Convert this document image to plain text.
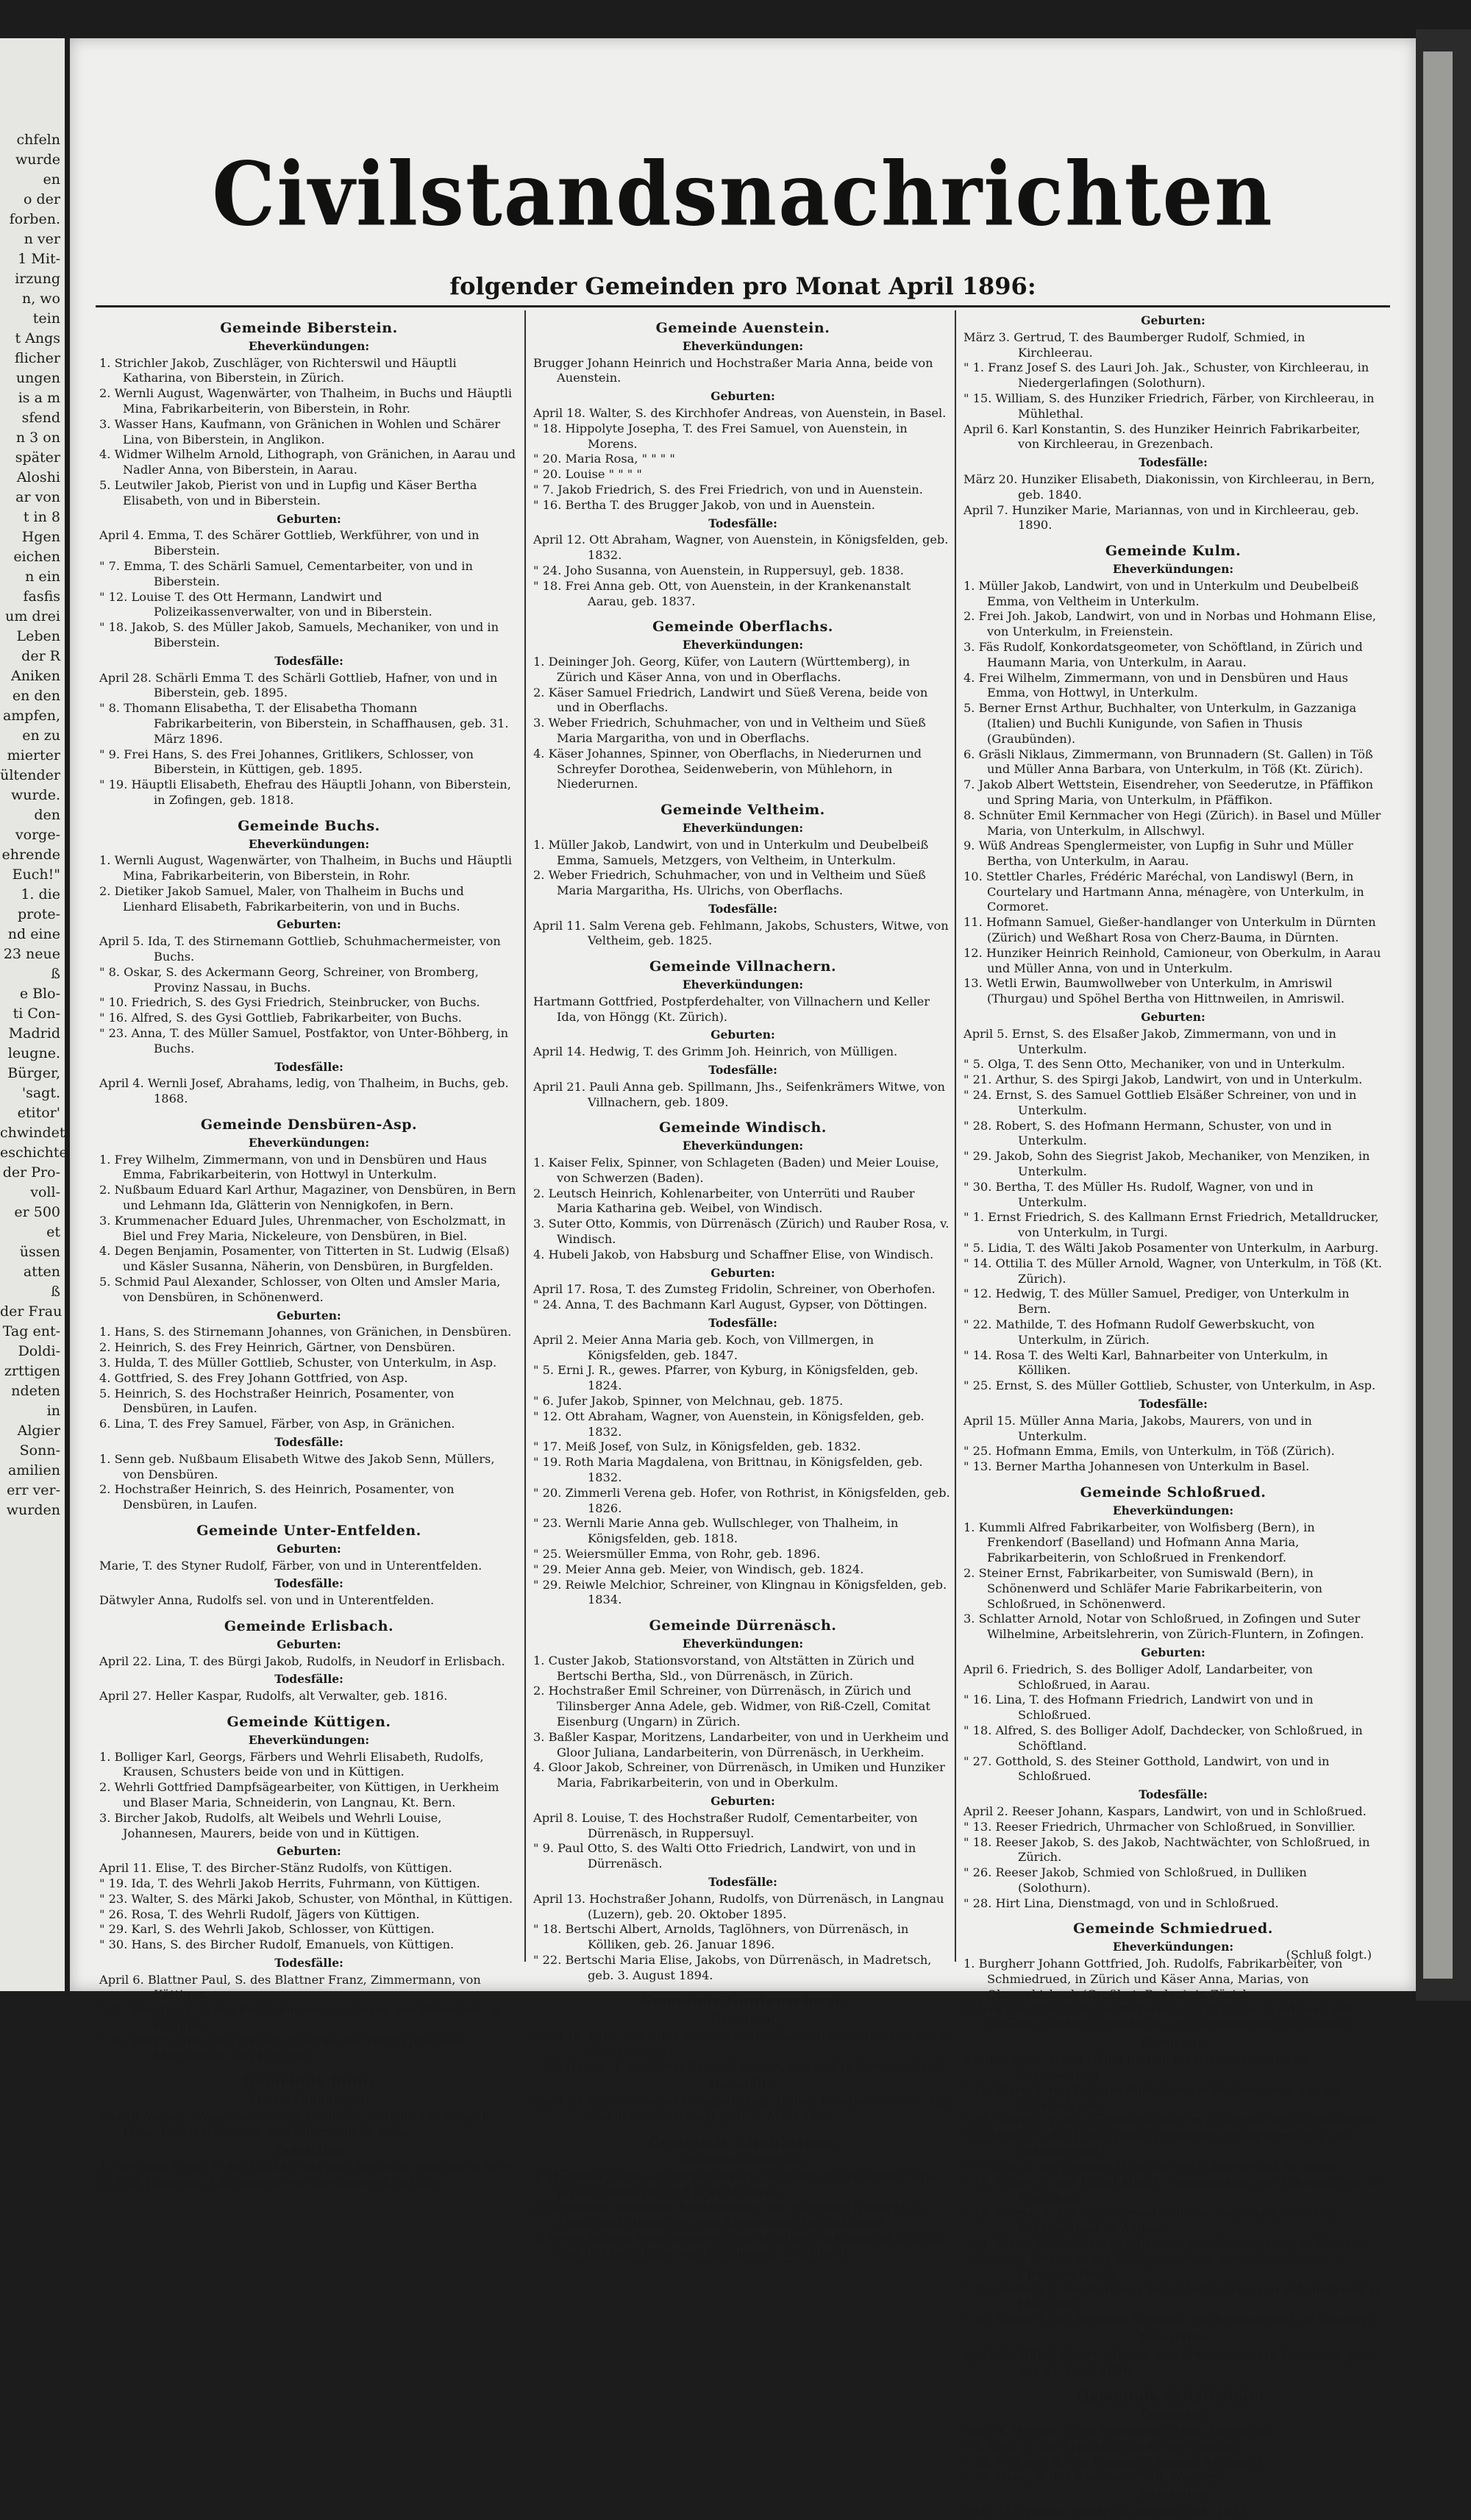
chfeln
wurde
en
o der
forben.
n ver
1 Mit-
irzung
n, wo
tein
t Angs
flicher
ungen
is a m
sfend
n 3 on
später
Aloshi
ar von
t in 8
Hgen
eichen
n ein
fasfis
um drei
Leben
der R
Aniken
en den
ampfen,
en zu
mierter
ültender
wurde.
den
vorge-
ehrende
Euch!"
1. die
prote-
nd eine
23 neue
ß
e Blo-
ti Con-
Madrid
leugne.
Bürger,
'sagt.
etitor'
chwindet
eschichte
der Pro-
voll-
er 500
et
üssen
atten
ß
der Frau
Tag ent-
Doldi-
zrttigen
ndeten
in
Algier
Sonn-
amilien
err ver-
wurden
Civilstandsnachrichten
folgender Gemeinden pro Monat April 1896:
Gemeinde Biberstein.
Eheverkündungen:

1. Strichler Jakob, Zuschläger, von Richterswil und Häuptli Katharina, von Biberstein, in Zürich.

2. Wernli August, Wagenwärter, von Thalheim, in Buchs und Häuptli Mina, Fabrikarbeiterin, von Biberstein, in Rohr.

3. Wasser Hans, Kaufmann, von Gränichen in Wohlen und Schärer Lina, von Biberstein, in Anglikon.

4. Widmer Wilhelm Arnold, Lithograph, von Gränichen, in Aarau und Nadler Anna, von Biberstein, in Aarau.

5. Leutwiler Jakob, Pierist von und in Lupfig und Käser Bertha Elisabeth, von und in Biberstein.

Geburten:

April 4. Emma, T. des Schärer Gottlieb, Werkführer, von und in Biberstein.

" 7. Emma, T. des Schärli Samuel, Cementarbeiter, von und in Biberstein.

" 12. Louise T. des Ott Hermann, Landwirt und Polizeikassenverwalter, von und in Biberstein.

" 18. Jakob, S. des Müller Jakob, Samuels, Mechaniker, von und in Biberstein.

Todesfälle:

April 28. Schärli Emma T. des Schärli Gottlieb, Hafner, von und in Biberstein, geb. 1895.

" 8. Thomann Elisabetha, T. der Elisabetha Thomann Fabrikarbeiterin, von Biberstein, in Schaffhausen, geb. 31. März 1896.

" 9. Frei Hans, S. des Frei Johannes, Gritlikers, Schlosser, von Biberstein, in Küttigen, geb. 1895.

" 19. Häuptli Elisabeth, Ehefrau des Häuptli Johann, von Biberstein, in Zofingen, geb. 1818.

Gemeinde Buchs.
Eheverkündungen:

1. Wernli August, Wagenwärter, von Thalheim, in Buchs und Häuptli Mina, Fabrikarbeiterin, von Biberstein, in Rohr.

2. Dietiker Jakob Samuel, Maler, von Thalheim in Buchs und Lienhard Elisabeth, Fabrikarbeiterin, von und in Buchs.

Geburten:

April 5. Ida, T. des Stirnemann Gottlieb, Schuhmachermeister, von Buchs.

" 8. Oskar, S. des Ackermann Georg, Schreiner, von Bromberg, Provinz Nassau, in Buchs.

" 10. Friedrich, S. des Gysi Friedrich, Steinbrucker, von Buchs.

" 16. Alfred, S. des Gysi Gottlieb, Fabrikarbeiter, von Buchs.

" 23. Anna, T. des Müller Samuel, Postfaktor, von Unter-Böhberg, in Buchs.

Todesfälle:

April 4. Wernli Josef, Abrahams, ledig, von Thalheim, in Buchs, geb. 1868.

Gemeinde Densbüren-Asp.
Eheverkündungen:

1. Frey Wilhelm, Zimmermann, von und in Densbüren und Haus Emma, Fabrikarbeiterin, von Hottwyl in Unterkulm.

2. Nußbaum Eduard Karl Arthur, Magaziner, von Densbüren, in Bern und Lehmann Ida, Glätterin von Nennigkofen, in Bern.

3. Krummenacher Eduard Jules, Uhrenmacher, von Escholzmatt, in Biel und Frey Maria, Nickeleure, von Densbüren, in Biel.

4. Degen Benjamin, Posamenter, von Titterten in St. Ludwig (Elsaß) und Käsler Susanna, Näherin, von Densbüren, in Burgfelden.

5. Schmid Paul Alexander, Schlosser, von Olten und Amsler Maria, von Densbüren, in Schönenwerd.

Geburten:

1. Hans, S. des Stirnemann Johannes, von Gränichen, in Densbüren.

2. Heinrich, S. des Frey Heinrich, Gärtner, von Densbüren.

3. Hulda, T. des Müller Gottlieb, Schuster, von Unterkulm, in Asp.

4. Gottfried, S. des Frey Johann Gottfried, von Asp.

5. Heinrich, S. des Hochstraßer Heinrich, Posamenter, von Densbüren, in Laufen.

6. Lina, T. des Frey Samuel, Färber, von Asp, in Gränichen.

Todesfälle:

1. Senn geb. Nußbaum Elisabeth Witwe des Jakob Senn, Müllers, von Densbüren.

2. Hochstraßer Heinrich, S. des Heinrich, Posamenter, von Densbüren, in Laufen.

Gemeinde Unter-Entfelden.
Geburten:

Marie, T. des Styner Rudolf, Färber, von und in Unterentfelden.

Todesfälle:

Dätwyler Anna, Rudolfs sel. von und in Unterentfelden.

Gemeinde Erlisbach.
Geburten:

April 22. Lina, T. des Bürgi Jakob, Rudolfs, in Neudorf in Erlisbach.

Todesfälle:

April 27. Heller Kaspar, Rudolfs, alt Verwalter, geb. 1816.

Gemeinde Küttigen.
Eheverkündungen:

1. Bolliger Karl, Georgs, Färbers und Wehrli Elisabeth, Rudolfs, Krausen, Schusters beide von und in Küttigen.

2. Wehrli Gottfried Dampfsägearbeiter, von Küttigen, in Uerkheim und Blaser Maria, Schneiderin, von Langnau, Kt. Bern.

3. Bircher Jakob, Rudolfs, alt Weibels und Wehrli Louise, Johannesen, Maurers, beide von und in Küttigen.

Geburten:

April 11. Elise, T. des Bircher-Stänz Rudolfs, von Küttigen.

" 19. Ida, T. des Wehrli Jakob Herrits, Fuhrmann, von Küttigen.

" 23. Walter, S. des Märki Jakob, Schuster, von Mönthal, in Küttigen.

" 26. Rosa, T. des Wehrli Rudolf, Jägers von Küttigen.

" 29. Karl, S. des Wehrli Jakob, Schlosser, von Küttigen.

" 30. Hans, S. des Bircher Rudolf, Emanuels, von Küttigen.

Todesfälle:

April 6. Blattner Paul, S. des Blattner Franz, Zimmermann, von Küttigen.

" 20. Frei Hans, S. des Frei Johannes, Schlosser, von Biberstein, in Küttigen.

" 30. Wehrli Elise geb. Bircher, Ehefrau des Wehrli Johannes, Mechaniker, von Küttigen.

Gemeinde Rohr.
Eheverkündungen:

Wernli August, Wagenwärter, von Thalheim, in Rohr und Häuptli Mina, Fabrikarbeiterin, von Biberstein, in Rohr.

Todesfälle:

1. Neuhaus Luise, T. der Hächler Ida geb. Neuhaus, von und in Rohr.

2. Plüß Johannes, Johannesen, von Bordemwald, in Rohr.

Gemeinde Auenstein.
Eheverkündungen:

Brugger Johann Heinrich und Hochstraßer Maria Anna, beide von Auenstein.

Geburten:

April 18. Walter, S. des Kirchhofer Andreas, von Auenstein, in Basel.

" 18. Hippolyte Josepha, T. des Frei Samuel, von Auenstein, in Morens.

" 20. Maria Rosa, " " " "

" 20. Louise " " " "

" 7. Jakob Friedrich, S. des Frei Friedrich, von und in Auenstein.

" 16. Bertha T. des Brugger Jakob, von und in Auenstein.

Todesfälle:

April 12. Ott Abraham, Wagner, von Auenstein, in Königsfelden, geb. 1832.

" 24. Joho Susanna, von Auenstein, in Ruppersuyl, geb. 1838.

" 18. Frei Anna geb. Ott, von Auenstein, in der Krankenanstalt Aarau, geb. 1837.

Gemeinde Oberflachs.
Eheverkündungen:

1. Deininger Joh. Georg, Küfer, von Lautern (Württemberg), in Zürich und Käser Anna, von und in Oberflachs.

2. Käser Samuel Friedrich, Landwirt und Süeß Verena, beide von und in Oberflachs.

3. Weber Friedrich, Schuhmacher, von und in Veltheim und Süeß Maria Margaritha, von und in Oberflachs.

4. Käser Johannes, Spinner, von Oberflachs, in Niederurnen und Schreyfer Dorothea, Seidenweberin, von Mühlehorn, in Niederurnen.

Gemeinde Veltheim.
Eheverkündungen:

1. Müller Jakob, Landwirt, von und in Unterkulm und Deubelbeiß Emma, Samuels, Metzgers, von Veltheim, in Unterkulm.

2. Weber Friedrich, Schuhmacher, von und in Veltheim und Süeß Maria Margaritha, Hs. Ulrichs, von Oberflachs.

Todesfälle:

April 11. Salm Verena geb. Fehlmann, Jakobs, Schusters, Witwe, von Veltheim, geb. 1825.

Gemeinde Villnachern.
Eheverkündungen:

Hartmann Gottfried, Postpferdehalter, von Villnachern und Keller Ida, von Höngg (Kt. Zürich).

Geburten:

April 14. Hedwig, T. des Grimm Joh. Heinrich, von Mülligen.

Todesfälle:

April 21. Pauli Anna geb. Spillmann, Jhs., Seifenkrämers Witwe, von Villnachern, geb. 1809.

Gemeinde Windisch.
Eheverkündungen:

1. Kaiser Felix, Spinner, von Schlageten (Baden) und Meier Louise, von Schwerzen (Baden).

2. Leutsch Heinrich, Kohlenarbeiter, von Unterrüti und Rauber Maria Katharina geb. Weibel, von Windisch.

3. Suter Otto, Kommis, von Dürrenäsch (Zürich) und Rauber Rosa, v. Windisch.

4. Hubeli Jakob, von Habsburg und Schaffner Elise, von Windisch.

Geburten:

April 17. Rosa, T. des Zumsteg Fridolin, Schreiner, von Oberhofen.

" 24. Anna, T. des Bachmann Karl August, Gypser, von Döttingen.

Todesfälle:

April 2. Meier Anna Maria geb. Koch, von Villmergen, in Königsfelden, geb. 1847.

" 5. Erni J. R., gewes. Pfarrer, von Kyburg, in Königsfelden, geb. 1824.

" 6. Jufer Jakob, Spinner, von Melchnau, geb. 1875.

" 12. Ott Abraham, Wagner, von Auenstein, in Königsfelden, geb. 1832.

" 17. Meiß Josef, von Sulz, in Königsfelden, geb. 1832.

" 19. Roth Maria Magdalena, von Brittnau, in Königsfelden, geb. 1832.

" 20. Zimmerli Verena geb. Hofer, von Rothrist, in Königsfelden, geb. 1826.

" 23. Wernli Marie Anna geb. Wullschleger, von Thalheim, in Königsfelden, geb. 1818.

" 25. Weiersmüller Emma, von Rohr, geb. 1896.

" 29. Meier Anna geb. Meier, von Windisch, geb. 1824.

" 29. Reiwle Melchior, Schreiner, von Klingnau in Königsfelden, geb. 1834.

Gemeinde Dürrenäsch.
Eheverkündungen:

1. Custer Jakob, Stationsvorstand, von Altstätten in Zürich und Bertschi Bertha, Sld., von Dürrenäsch, in Zürich.

2. Hochstraßer Emil Schreiner, von Dürrenäsch, in Zürich und Tilinsberger Anna Adele, geb. Widmer, von Riß-Czell, Comitat Eisenburg (Ungarn) in Zürich.

3. Baßler Kaspar, Moritzens, Landarbeiter, von und in Uerkheim und Gloor Juliana, Landarbeiterin, von Dürrenäsch, in Uerkheim.

4. Gloor Jakob, Schreiner, von Dürrenäsch, in Umiken und Hunziker Maria, Fabrikarbeiterin, von und in Oberkulm.

Geburten:

April 8. Louise, T. des Hochstraßer Rudolf, Cementarbeiter, von Dürrenäsch, in Ruppersuyl.

" 9. Paul Otto, S. des Walti Otto Friedrich, Landwirt, von und in Dürrenäsch.

Todesfälle:

April 13. Hochstraßer Johann, Rudolfs, von Dürrenäsch, in Langnau (Luzern), geb. 20. Oktober 1895.

" 18. Bertschi Albert, Arnolds, Taglöhners, von Dürrenäsch, in Kölliken, geb. 26. Januar 1896.

" 22. Bertschi Maria Elise, Jakobs, von Dürrenäsch, in Madretsch, geb. 3. August 1894.

Gemeinde Gontenschwyl.
Geburten:

April 16. Otto, Sohn des Sommerhalder Samuel, Schuster, von und in Gontenschwyl.

" 28. Hanna, T. des Ernst Samuel, Letzen, von und in Gontenschwyl.

Todesfälle:

April 23. Sommerhalder Elisabeth, geb. Haller, Friedensrichters, von und in Gontenschwyl, geb. 3. März 1826.

Gemeinde Kirchleerau.
Eheverkündungen:

1. Hunziker Jakob, alt Gemeinderats, Landwirt und Hunziker Lidia, Jakobs, beide von und in Kirchleerau.

2. Schweizer Wendolin, Bankbeamter, von Hergiswil (Luzern), in Zürich und Humm Ida, von Kirchleerau, in Schöftland.

3. Meier Johann, Fabrikarbeiter, von Altmlang, in Küßnacht (Zürich) und Hunziker Elise, von Kirchleerau, in Adliswil.

Geburten:

März 3. Gertrud, T. des Baumberger Rudolf, Schmied, in Kirchleerau.

" 1. Franz Josef S. des Lauri Joh. Jak., Schuster, von Kirchleerau, in Niedergerlafingen (Solothurn).

" 15. William, S. des Hunziker Friedrich, Färber, von Kirchleerau, in Mühlethal.

April 6. Karl Konstantin, S. des Hunziker Heinrich Fabrikarbeiter, von Kirchleerau, in Grezenbach.

Todesfälle:

März 20. Hunziker Elisabeth, Diakonissin, von Kirchleerau, in Bern, geb. 1840.

April 7. Hunziker Marie, Mariannas, von und in Kirchleerau, geb. 1890.

Gemeinde Kulm.
Eheverkündungen:

1. Müller Jakob, Landwirt, von und in Unterkulm und Deubelbeiß Emma, von Veltheim in Unterkulm.

2. Frei Joh. Jakob, Landwirt, von und in Norbas und Hohmann Elise, von Unterkulm, in Freienstein.

3. Fäs Rudolf, Konkordatsgeometer, von Schöftland, in Zürich und Haumann Maria, von Unterkulm, in Aarau.

4. Frei Wilhelm, Zimmermann, von und in Densbüren und Haus Emma, von Hottwyl, in Unterkulm.

5. Berner Ernst Arthur, Buchhalter, von Unterkulm, in Gazzaniga (Italien) und Buchli Kunigunde, von Safien in Thusis (Graubünden).

6. Gräsli Niklaus, Zimmermann, von Brunnadern (St. Gallen) in Töß und Müller Anna Barbara, von Unterkulm, in Töß (Kt. Zürich).

7. Jakob Albert Wettstein, Eisendreher, von Seederutze, in Pfäffikon und Spring Maria, von Unterkulm, in Pfäffikon.

8. Schnüter Emil Kernmacher von Hegi (Zürich). in Basel und Müller Maria, von Unterkulm, in Allschwyl.

9. Wüß Andreas Spenglermeister, von Lupfig in Suhr und Müller Bertha, von Unterkulm, in Aarau.

10. Stettler Charles, Frédéric Maréchal, von Landiswyl (Bern, in Courtelary und Hartmann Anna, ménagère, von Unterkulm, in Cormoret.

11. Hofmann Samuel, Gießer-handlanger von Unterkulm in Dürnten (Zürich) und Weßhart Rosa von Cherz-Bauma, in Dürnten.

12. Hunziker Heinrich Reinhold, Camioneur, von Oberkulm, in Aarau und Müller Anna, von und in Unterkulm.

13. Wetli Erwin, Baumwollweber von Unterkulm, in Amriswil (Thurgau) und Spöhel Bertha von Hittnweilen, in Amriswil.

Geburten:

April 5. Ernst, S. des Elsaßer Jakob, Zimmermann, von und in Unterkulm.

" 5. Olga, T. des Senn Otto, Mechaniker, von und in Unterkulm.

" 21. Arthur, S. des Spirgi Jakob, Landwirt, von und in Unterkulm.

" 24. Ernst, S. des Samuel Gottlieb Elsäßer Schreiner, von und in Unterkulm.

" 28. Robert, S. des Hofmann Hermann, Schuster, von und in Unterkulm.

" 29. Jakob, Sohn des Siegrist Jakob, Mechaniker, von Menziken, in Unterkulm.

" 30. Bertha, T. des Müller Hs. Rudolf, Wagner, von und in Unterkulm.

" 1. Ernst Friedrich, S. des Kallmann Ernst Friedrich, Metalldrucker, von Unterkulm, in Turgi.

" 5. Lidia, T. des Wälti Jakob Posamenter von Unterkulm, in Aarburg.

" 14. Ottilia T. des Müller Arnold, Wagner, von Unterkulm, in Töß (Kt. Zürich).

" 12. Hedwig, T. des Müller Samuel, Prediger, von Unterkulm in Bern.

" 22. Mathilde, T. des Hofmann Rudolf Gewerbskucht, von Unterkulm, in Zürich.

" 14. Rosa T. des Welti Karl, Bahnarbeiter von Unterkulm, in Kölliken.

" 25. Ernst, S. des Müller Gottlieb, Schuster, von Unterkulm, in Asp.

Todesfälle:

April 15. Müller Anna Maria, Jakobs, Maurers, von und in Unterkulm.

" 25. Hofmann Emma, Emils, von Unterkulm, in Töß (Zürich).

" 13. Berner Martha Johannesen von Unterkulm in Basel.

Gemeinde Schloßrued.
Eheverkündungen:

1. Kummli Alfred Fabrikarbeiter, von Wolfisberg (Bern), in Frenkendorf (Baselland) und Hofmann Anna Maria, Fabrikarbeiterin, von Schloßrued in Frenkendorf.

2. Steiner Ernst, Fabrikarbeiter, von Sumiswald (Bern), in Schönenwerd und Schläfer Marie Fabrikarbeiterin, von Schloßrued, in Schönenwerd.

3. Schlatter Arnold, Notar von Schloßrued, in Zofingen und Suter Wilhelmine, Arbeitslehrerin, von Zürich-Fluntern, in Zofingen.

Geburten:

April 6. Friedrich, S. des Bolliger Adolf, Landarbeiter, von Schloßrued, in Aarau.

" 16. Lina, T. des Hofmann Friedrich, Landwirt von und in Schloßrued.

" 18. Alfred, S. des Bolliger Adolf, Dachdecker, von Schloßrued, in Schöftland.

" 27. Gotthold, S. des Steiner Gotthold, Landwirt, von und in Schloßrued.

Todesfälle:

April 2. Reeser Johann, Kaspars, Landwirt, von und in Schloßrued.

" 13. Reeser Friedrich, Uhrmacher von Schloßrued, in Sonvillier.

" 18. Reeser Jakob, S. des Jakob, Nachtwächter, von Schloßrued, in Zürich.

" 26. Reeser Jakob, Schmied von Schloßrued, in Dulliken (Solothurn).

" 28. Hirt Lina, Dienstmagd, von und in Schloßrued.

Gemeinde Schmiedrued.
Eheverkündungen:

1. Burgherr Johann Gottfried, Joh. Rudolfs, Fabrikarbeiter, von Schmiedrued, in Zürich und Käser Anna, Marias, von Obergebisbach (Großhgt. Baden), in Zürich.

2. Urwyler Friedrich, Zimmermann von Brittnau, in Adliswil und Maurer Elisabeth, Elisabeths, von Schmiedrued, in Adliswil.

Geburten:

April 3. Irma, T. des Häfeli Rudolf, im Winkel, von und zu Schmiedrued.

" 17. Klara, T. des Bolliger Rudolf, in der Rüßweid, von und zu Schmiedrued.

" 20. Martha, T. des Hunziker Albert im Kröschhof von Schmiedrued.

" 6. Arthur, S. des Häfeli Johann Friedrich, Spenglermeister, von Schmiedrued.

" 7. Otto, S. des Brunner Heinrich von Schmiedrued, in Aarau.

" 13. Albert, S. des Häfeli Albert, Zimmermann, von Schmiedrued, in Menziken.

" 19. Emma, T. des Wirz Samuel Wilhelm, Seidenarbeiter, von Schmiedrued, in Adliswil.

" 24. Ernst, S. des Maurer Johannes, von Schmiedrued, in Rothrist.

" 27. Leon Arthur, S. des Bolliger Ludwig, von Schmiedrued, in Chaux-de-Fonds.

" 28. Hedwig, T. des Burgherr Joh., Mechaniker, von Schmiedrued, in Menziken.

" 30. Selma T. des Schmied Sigmund von Schmiedrued, in Safenwyl.

Todesfälle:

April 20. Häfeli Albert, Alberts, von Schmiedrued in Menziken, geb. den 12. April 1896.

Gemeinde Schafisheim.
Geburten:

April 4. Verena, T. des Hausmann Jakob, Heinrichs.

" 5. Emil, S. des Friedrich Oskar, von Staufen.

" 29. Wilhelm, S. des Baumann Samuel, Metzgers.

" 30. Hans, S. des Baumann Emil, Wagners.

Todesfälle:

April 11. Widmer Friedrich, Wagner, geb. 1811.

(Schluß folgt.)
